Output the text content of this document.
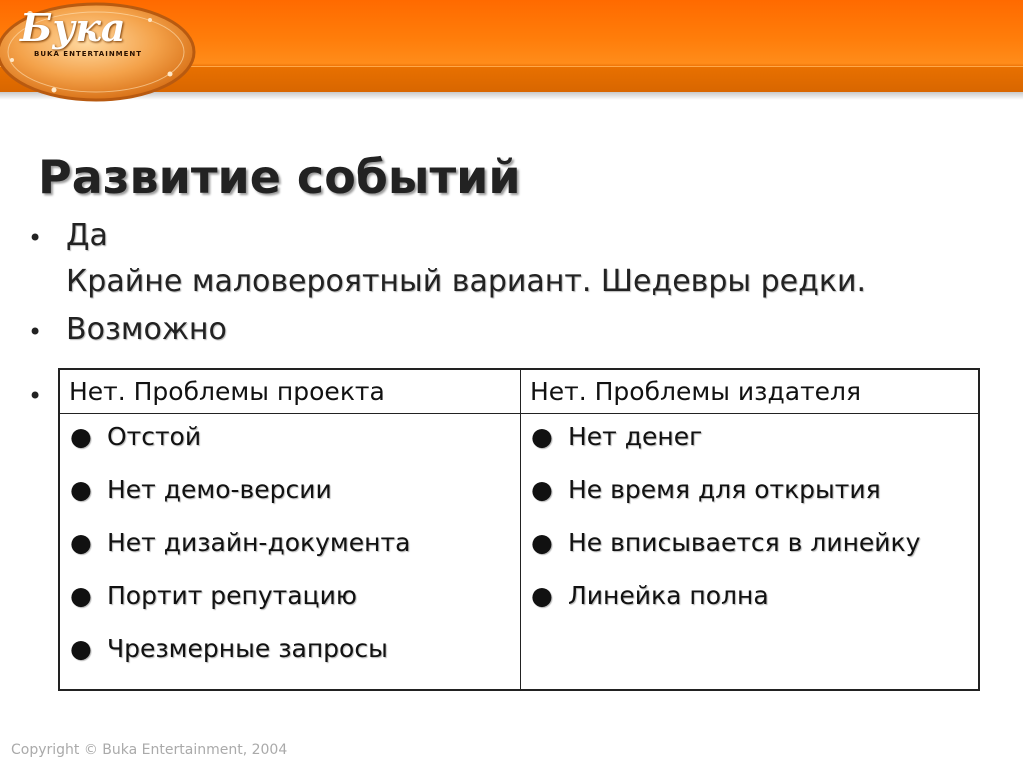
Бука
BUKA ENTERTAINMENT
Развитие событий
• Да
Крайне маловероятный вариант. Шедевры редки.
• Возможно
•	Нет. Проблемы проекта
● Отстой
● Нет демо-версии
● Нет дизайн-документа
● Портит репутацию
● Чрезмерные запросы
Нет. Проблемы издателя
● Нет денег
● Не время для открытия
● Не вписывается в линейку
● Линейка полна
Copyright © Buka Entertainment, 2004
